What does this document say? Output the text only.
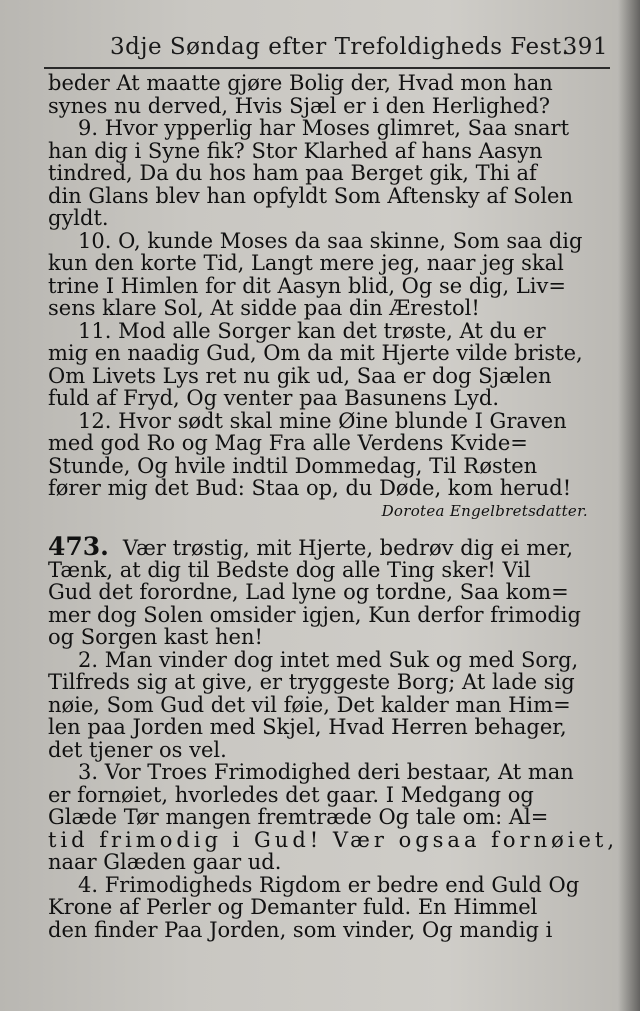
3dje Søndag efter Trefoldigheds Fest.
391
beder At maatte gjøre Bolig der, Hvad mon han
synes nu derved, Hvis Sjæl er i den Herlighed?
9. Hvor ypperlig har Moses glimret, Saa snart
han dig i Syne fik? Stor Klarhed af hans Aasyn
tindred, Da du hos ham paa Berget gik, Thi af
din Glans blev han opfyldt Som Aftensky af Solen
gyldt.
10. O, kunde Moses da saa skinne, Som saa dig
kun den korte Tid, Langt mere jeg, naar jeg skal
trine I Himlen for dit Aasyn blid, Og se dig, Liv=
sens klare Sol, At sidde paa din Ærestol!
11. Mod alle Sorger kan det trøste, At du er
mig en naadig Gud, Om da mit Hjerte vilde briste,
Om Livets Lys ret nu gik ud, Saa er dog Sjælen
fuld af Fryd, Og venter paa Basunens Lyd.
12. Hvor sødt skal mine Øine blunde I Graven
med god Ro og Mag Fra alle Verdens Kvide=
Stunde, Og hvile indtil Dommedag, Til Røsten
fører mig det Bud: Staa op, du Døde, kom herud!
Dorotea Engelbretsdatter.
473. Vær trøstig, mit Hjerte, bedrøv dig ei mer,
Tænk, at dig til Bedste dog alle Ting sker! Vil
Gud det forordne, Lad lyne og tordne, Saa kom=
mer dog Solen omsider igjen, Kun derfor frimodig
og Sorgen kast hen!
2. Man vinder dog intet med Suk og med Sorg,
Tilfreds sig at give, er tryggeste Borg; At lade sig
nøie, Som Gud det vil føie, Det kalder man Him=
len paa Jorden med Skjel, Hvad Herren behager,
det tjener os vel.
3. Vor Troes Frimodighed deri bestaar, At man
er fornøiet, hvorledes det gaar. I Medgang og
Glæde Tør mangen fremtræde Og tale om: Al=
tid frimodig i Gud! Vær ogsaa fornøiet,
naar Glæden gaar ud.
4. Frimodigheds Rigdom er bedre end Guld Og
Krone af Perler og Demanter fuld. En Himmel
den finder Paa Jorden, som vinder, Og mandig i
